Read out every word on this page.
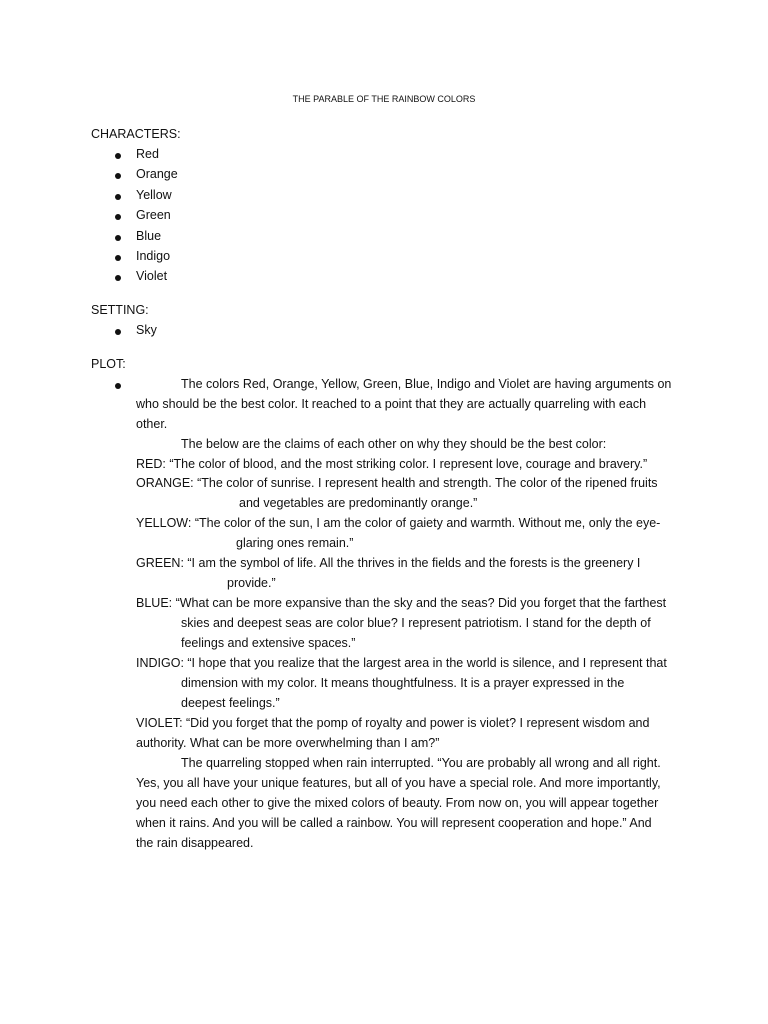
THE PARABLE OF THE RAINBOW COLORS
CHARACTERS:
Red
Orange
Yellow
Green
Blue
Indigo
Violet
SETTING:
Sky
PLOT:
The colors Red, Orange, Yellow, Green, Blue, Indigo and Violet are having arguments on
who should be the best color. It reached to a point that they are actually quarreling with each
other.
The below are the claims of each other on why they should be the best color:
RED: “The color of blood, and the most striking color. I represent love, courage and bravery.”
ORANGE: “The color of sunrise. I represent health and strength. The color of the ripened fruits
and vegetables are predominantly orange.”
YELLOW: “The color of the sun, I am the color of gaiety and warmth. Without me, only the eye-
glaring ones remain.”
GREEN: “I am the symbol of life. All the thrives in the fields and the forests is the greenery I
provide.”
BLUE: “What can be more expansive than the sky and the seas? Did you forget that the farthest
skies and deepest seas are color blue? I represent patriotism. I stand for the depth of
feelings and extensive spaces.”
INDIGO: “I hope that you realize that the largest area in the world is silence, and I represent that
dimension with my color. It means thoughtfulness. It is a prayer expressed in the
deepest feelings.”
VIOLET: “Did you forget that the pomp of royalty and power is violet? I represent wisdom and
authority. What can be more overwhelming than I am?”
The quarreling stopped when rain interrupted. “You are probably all wrong and all right.
Yes, you all have your unique features, but all of you have a special role. And more importantly,
you need each other to give the mixed colors of beauty. From now on, you will appear together
when it rains. And you will be called a rainbow. You will represent cooperation and hope.” And
the rain disappeared.
